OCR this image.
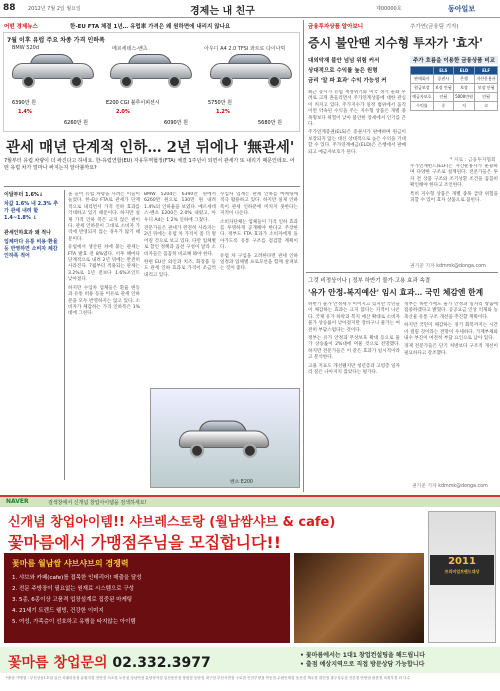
88 2012년 7월 2일 월요일	경제는 내 친구	제00000호	동아일보
어떤 경제뉴스	한-EU FTA 체결 1년… 유럽車 가격은 왜 원하면에 내리지 않나요
7월 이후 유럽 주요 차종 가격 인하폭
BMW 520d
6390만 원
1.4%
6260만 원
메르세데스-벤츠
E200 CGI 블루이피션시
2.0%
6090만 원
아우디 A4 2.0 TFSI 콰트로 다이나믹
5750만 원
1.2%
5680만 원
관세 매년 단계적 인하… 2년 뒤에나 '無관세'
7월부터 유럽 차량이 더 싸진다고 하네요. 한-유럽연합(EU) 자유무역협정(FTA) 체결 1주년이 되면서 관세가 또 내리기 때문인데요. 어떤 유럽 차가 얼마나 싸지는지 알아볼까요?
이달부터 1.6%↓
차값 1.6% 내 2.3% 추가 관세 내려 할 1.4~1.8% ↓
관세인하효과 왜 적나
업체마다 유통 비용·환율 등 반영하면 소비자 체감 인하폭 적어

올 들어 유럽 차량을 사려는 이들이 늘었다. 한-EU FTA로 관세가 단계적으로 내리면서 가격 인하 효과를 기대하고 있기 때문이다. 하지만 실제 가격 인하 폭은 크지 않은 편이다. 관세 인하분이 그대로 소비자 가격에 반영되지 않는 경우가 많기 때문이다.

유럽에서 생산된 차에 붙는 관세는 FTA 발효 전 8%였다. 이후 해마다 단계적으로 내려 2년 뒤에는 완전히 사라진다. 7월부터 적용되는 관세는 3.2%로 1년 전보다 1.6%포인트 낮아졌다.

하지만 수입차 업체들은 환율 변동과 유통 비용 등을 이유로 관세 인하분을 모두 반영하지는 않고 있다. 소비자가 체감하는 가격 인하폭은 1%대에 그친다.

BMW 520d는 6390만 원에서 6260만 원으로 130만 원 내려 1.4%의 인하율을 보였다. 메르세데스-벤츠 E200은 2.0% 내렸고, 아우디 A4는 1.2% 인하에 그쳤다.

전문가들은 관세가 완전히 사라지는 2년 뒤에는 유럽 차 가격이 좀 더 떨어질 것으로 보고 있다. 다만 업체별로 할인 정책과 옵션 구성이 달라 소비자들은 꼼꼼히 비교해 봐야 한다.

한편 EU산 와인과 치즈, 화장품 등도 관세 인하 효과로 가격이 조금씩 내리고 있다.

수입차 업계는 관세 인하를 마케팅에 적극 활용하고 있다. 하지만 실제 인하폭이 관세 인하분에 미치지 못한다는 지적이 나온다.

소비자단체는 업체들이 가격 인하 효과를 투명하게 공개해야 한다고 주장한다. 정부도 FTA 효과가 소비자에게 돌아가도록 유통 구조를 점검할 계획이다.

유럽 차 구입을 고려한다면 관세 인하 일정과 업체별 프로모션을 함께 살펴보는 것이 좋다.

벤츠 E200
금융투자상품 알아보니	추가연(금융팀 기자)
증시 불안땐 지수형 투자가 '효자'
대외악재 불안 넘넘 위험 커서
상대적으로 수익률 높은 원형
금리 '알 파 효과' 수익 가능성 커
주가 흐름을 이용한 금융상품 비교
	ELS	ELD	ELF
판매회사	증권사	은행	자산운용사
원금보장	보장 안됨	보장	보장 안됨
예금자보호	안됨	5000만원	안됨
수익률	중	저	고
* 자료 : 금융투자협회

최근 증시가 유럽 재정위기와 미국 경기 둔화 우려로 크게 흔들리면서 주가연계상품에 대한 관심이 커지고 있다. 주가지수가 일정 범위에서 움직이면 약속된 수익을 주는 지수형 상품은 개별 종목형보다 위험이 낮아 불안한 장세에서 인기를 끈다.

주가연계증권(ELS)은 증권사가 판매하며 원금이 보장되지 않는 대신 상대적으로 높은 수익을 기대할 수 있다. 주가연계예금(ELD)은 은행에서 판매되고 예금자보호가 된다.

주가연계펀드(ELF)는 자산운용사가 운용하며 다양한 구조로 설계된다. 전문가들은 투자 전 상품 구조와 조기상환 조건을 꼼꼼히 확인해야 한다고 조언한다.

특히 지수형 상품은 개별 종목 급락 위험을 피할 수 있어 효자 상품으로 꼽힌다.

권기준 기자 kdmmk@donga.com
그것 비정상이나 | 정부 하반기 물가·고용 효과 속결
'유가 안정-복지예산' 임시 효과… 국민 체감엔 한계

하반기 물가 안정세가 이어지고 있지만 국민들이 체감하는 효과는 크지 않다는 지적이 나온다. 국제 유가 하락과 복지 예산 확대로 소비자물가 상승률이 낮아졌지만 장바구니 물가는 여전히 부담스럽다는 것이다.

정부는 유가 안정과 무상보육 확대 등으로 물가 상승률이 2%대에 머물 것으로 전망했다. 하지만 전문가들은 이 같은 효과가 일시적이라고 분석한다.

고용 지표도 개선됐지만 청년층과 고령층 일자리 질은 나아지지 않았다는 평가다.

정부는 하반기에도 물가 안정과 일자리 창출에 집중하겠다고 밝혔다. 공공요금 인상 억제와 농축산물 유통 구조 개선을 추진할 계획이다.

하지만 국민이 체감하는 경기 회복까지는 시간이 걸릴 것이라는 전망이 우세하다. 가계부채와 내수 부진이 여전히 부담 요인으로 남아 있다.

경제 전문가들은 단기 처방보다 구조적 개선이 필요하다고 강조했다.

권기준 기자 kdmmk@donga.com
NAVER	검색창에서 신개념 창업아이템을 검색하세요!
신개념 창업아이템!! 샤브레스토랑 (월남쌈샤브 & cafe)
꽃마름에서 가맹점주님을 모집합니다!!
꽃마름 월남쌈 샤브샤브의 경쟁력
1. 샤브와 카페(cafe)를 접목한 인테리어! 매출을 달성
2. 전문 주방장이 필요없는 원재료 시스템으로 구성
3. 5종, 6종이상 고품격 업장설계로 집중된 마케팅
4. 21세기 트렌드 웰빙, 건강한 이미지
5. 여성, 가족층이 선호하고 유행을 타지않는 아이템
2011
프리미엄브랜드대상
꽃마름 창업문의 02.332.3977	• 꽃마름에서는 1대1 창업컨설팅을 해드립니다
• 출점 예상지역으로 직접 방문상담 가능합니다
*출점 가맹점 : 부천상동1호점 일산 서래마을점 유원지점 천안점 서초점 오산점 강남역점 분당정자점 일산풍산점 창원점 동탄점 대구점 부산서면점 구로점 인천부평점 목동점 수원인계점 울산점 제주점 대전점 광주상무점 산본점 안양점 평촌점 의정부점 외 다수
